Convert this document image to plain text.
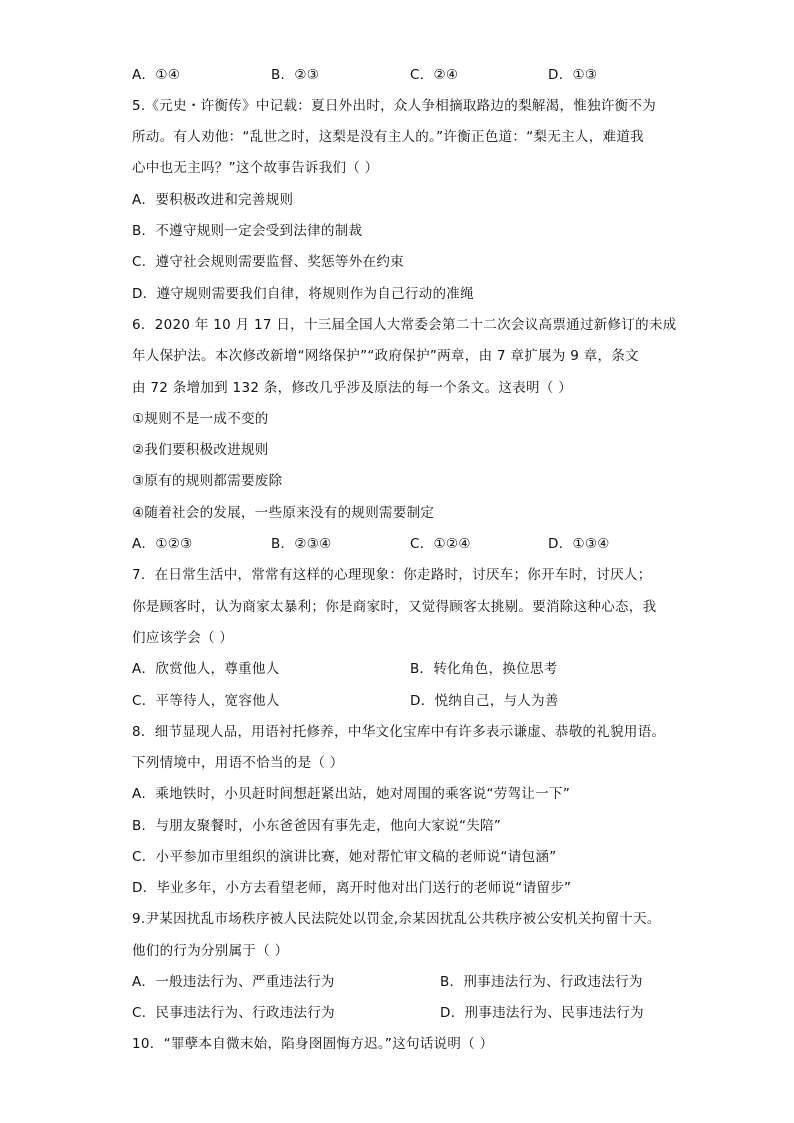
A．①④	B．②③	C．②④	D．①③
5.《元史・许衡传》中记载：夏日外出时，众人争相摘取路边的梨解渴，惟独许衡不为
所动。有人劝他：“乱世之时，这梨是没有主人的。”许衡正色道：“梨无主人，难道我
心中也无主吗？”这个故事告诉我们（ ）
A．要积极改进和完善规则
B．不遵守规则一定会受到法律的制裁
C．遵守社会规则需要监督、奖惩等外在约束
D．遵守规则需要我们自律，将规则作为自己行动的准绳
6．2020 年 10 月 17 日，十三届全国人大常委会第二十二次会议高票通过新修订的未成
年人保护法。本次修改新增“网络保护”“政府保护”两章，由 7 章扩展为 9 章，条文
由 72 条增加到 132 条，修改几乎涉及原法的每一个条文。这表明（ ）
①规则不是一成不变的
②我们要积极改进规则
③原有的规则都需要废除
④随着社会的发展，一些原来没有的规则需要制定
A．①②③	B．②③④	C．①②④	D．①③④
7．在日常生活中，常常有这样的心理现象：你走路时，讨厌车；你开车时，讨厌人；
你是顾客时，认为商家太暴利；你是商家时，又觉得顾客太挑剔。要消除这种心态，我
们应该学会（ ）
A．欣赏他人，尊重他人	B．转化角色，换位思考
C．平等待人，宽容他人	D．悦纳自己，与人为善
8．细节显现人品，用语衬托修养，中华文化宝库中有许多表示谦虚、恭敬的礼貌用语。
下列情境中，用语不恰当的是（ ）
A．乘地铁时，小贝赶时间想赶紧出站，她对周围的乘客说“劳驾让一下”
B．与朋友聚餐时，小东爸爸因有事先走，他向大家说“失陪”
C．小平参加市里组织的演讲比赛，她对帮忙审文稿的老师说“请包涵”
D．毕业多年，小方去看望老师，离开时他对出门送行的老师说“请留步”
9.尹某因扰乱市场秩序被人民法院处以罚金,佘某因扰乱公共秩序被公安机关拘留十天。
他们的行为分别属于（ ）
A．一般违法行为、严重违法行为	B．刑事违法行为、行政违法行为
C．民事违法行为、行政违法行为	D．刑事违法行为、民事违法行为
10．“罪孽本自微末始，陷身囹圄悔方迟。”这句话说明（ ）
